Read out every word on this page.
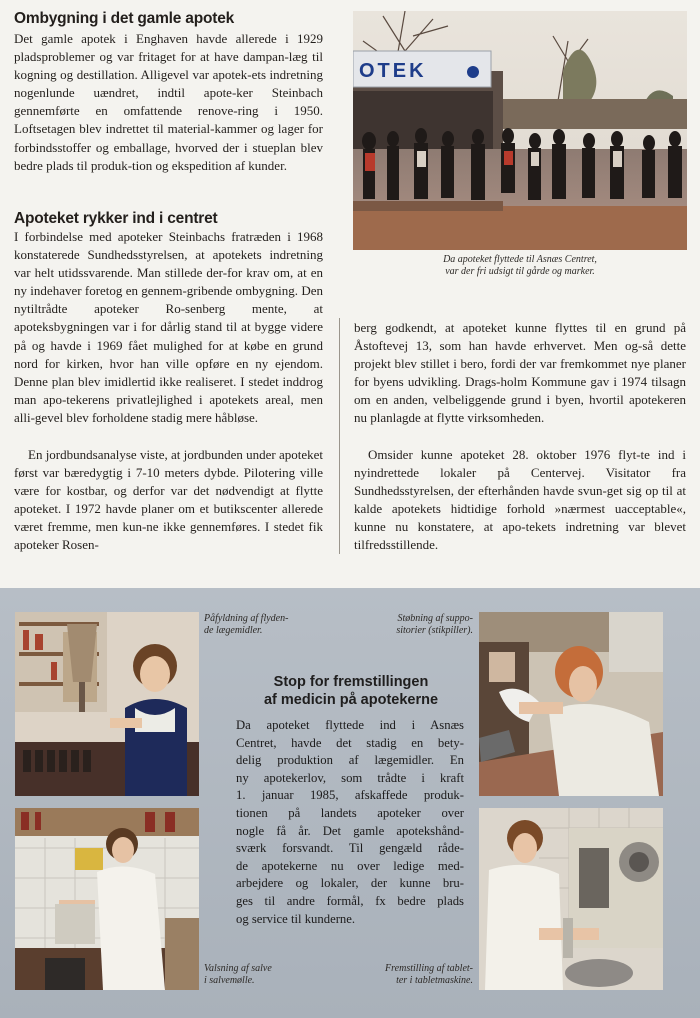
Ombygning i det gamle apotek

Det gamle apotek i Enghaven havde allerede i 1929 pladsproblemer og var fritaget for at have dampan-læg til kogning og destillation. Alligevel var apotek-ets indretning nogenlunde uændret, indtil apote-ker Steinbach gennemførte en omfattende renove-ring i 1950. Loftsetagen blev indrettet til material-kammer og lager for forbindsstoffer og emballage, hvorved der i stueplan blev bedre plads til produk-tion og ekspedition af kunder.

Apoteket rykker ind i centret

I forbindelse med apoteker Steinbachs fratræden i 1968 konstaterede Sundhedsstyrelsen, at apotekets indretning var helt utidssvarende. Man stillede der-for krav om, at en ny indehaver foretog en gennem-gribende ombygning. Den nytiltrådte apoteker Ro-senberg mente, at apoteksbygningen var i for dårlig stand til at bygge videre på og havde i 1969 fået mulighed for at købe en grund nord for kirken, hvor han ville opføre en ny ejendom. Denne plan blev imidlertid ikke realiseret. I stedet inddrog man apo-tekerens privatlejlighed i apotekets areal, men alli-gevel blev forholdene stadig mere håbløse.

En jordbundsanalyse viste, at jordbunden under apoteket først var bæredygtig i 7-10 meters dybde. Pilotering ville være for kostbar, og derfor var det nødvendigt at flytte apoteket. I 1972 havde planer om et butikscenter allerede været fremme, men kun-ne ikke gennemføres. I stedet fik apoteker Rosen-

berg godkendt, at apoteket kunne flyttes til en grund på Åstoftevej 13, som han havde erhvervet. Men og-så dette projekt blev stillet i bero, fordi der var fremkommet nye planer for byens udvikling. Drags-holm Kommune gav i 1974 tilsagn om en anden, velbeliggende grund i byen, hvortil apotekeren nu planlagde at flytte virksomheden.

Omsider kunne apoteket 28. oktober 1976 flyt-te ind i nyindrettede lokaler på Centervej. Visitator fra Sundhedsstyrelsen, der efterhånden havde svun-get sig op til at kalde apotekets hidtidige forhold »nærmest uacceptable«, kunne nu konstatere, at apo-tekets indretning var blevet tilfredsstillende.

OTEK
Da apoteket flyttede til Asnæs Centret,
var der fri udsigt til gårde og marker.
Påfyldning af flyden-
de lægemidler.
Støbning af suppo-
sitorier (stikpiller).
Stop for fremstillingen
af medicin på apotekerne
Da apoteket flyttede ind i Asnæs
Centret, havde det stadig en bety-
delig produktion af lægemidler. En
ny apotekerlov, som trådte i kraft
1. januar 1985, afskaffede produk-
tionen på landets apoteker over
nogle få år. Det gamle apotekshånd-
sværk forsvandt. Til gengæld råde-
de apotekerne nu over ledige med-
arbejdere og lokaler, der kunne bru-
ges til andre formål, fx bedre plads
og service til kunderne.
Valsning af salve
i salvemølle.
Fremstilling af tablet-
ter i tabletmaskine.
